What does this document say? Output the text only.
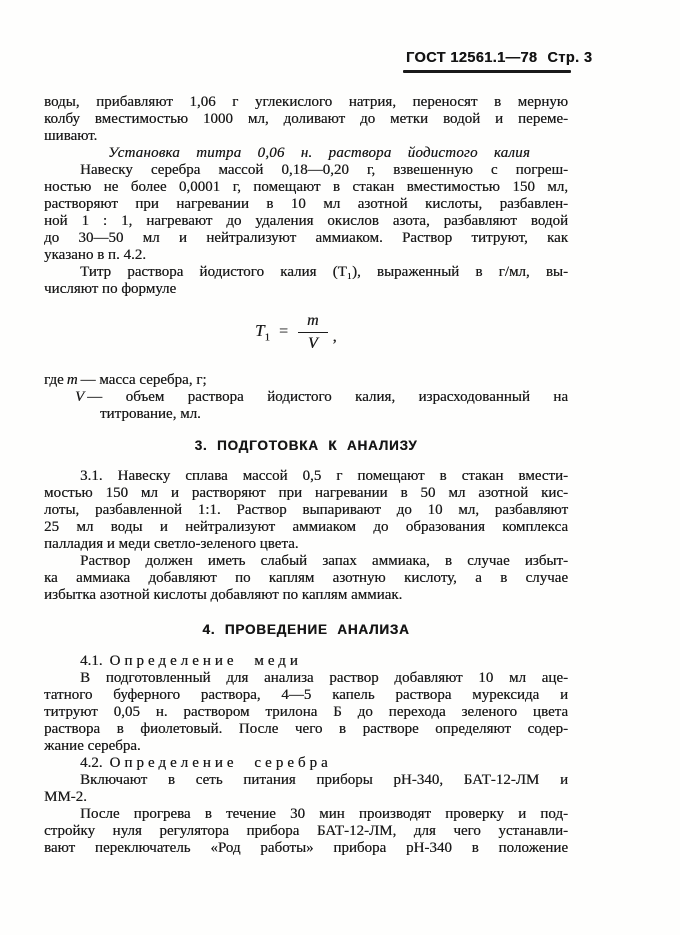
ГОСТ 12561.1—78 Стр. 3
воды, прибавляют 1,06 г углекислого натрия, переносят в мерную
колбу вместимостью 1000 мл, доливают до метки водой и переме-
шивают.
Установка титра 0,06 н. раствора йодистого калия
Навеску серебра массой 0,18—0,20 г, взвешенную с погреш-
ностью не более 0,0001 г, помещают в стакан вместимостью 150 мл,
растворяют при нагревании в 10 мл азотной кислоты, разбавлен-
ной 1 : 1, нагревают до удаления окислов азота, разбавляют водой
до 30—50 мл и нейтрализуют аммиаком. Раствор титруют, как
указано в п. 4.2.
Титр раствора йодистого калия (T₁), выраженный в г/мл, вы-
числяют по формуле
$T_1 = \frac{m}{V}$ ,
где m — масса серебра, г;
V — объем раствора йодистого калия, израсходованный на
титрование, мл.
3. ПОДГОТОВКА К АНАЛИЗУ
3.1. Навеску сплава массой 0,5 г помещают в стакан вмести-
мостью 150 мл и растворяют при нагревании в 50 мл азотной кис-
лоты, разбавленной 1:1. Раствор выпаривают до 10 мл, разбавляют
25 мл воды и нейтрализуют аммиаком до образования комплекса
палладия и меди светло-зеленого цвета.
Раствор должен иметь слабый запах аммиака, в случае избыт-
ка аммиака добавляют по каплям азотную кислоту, а в случае
избытка азотной кислоты добавляют по каплям аммиак.
4. ПРОВЕДЕНИЕ АНАЛИЗА
4.1. Определение меди
В подготовленный для анализа раствор добавляют 10 мл аце-
татного буферного раствора, 4—5 капель раствора мурексида и
титруют 0,05 н. раствором трилона Б до перехода зеленого цвета
раствора в фиолетовый. После чего в растворе определяют содер-
жание серебра.
4.2. Определение серебра
Включают в сеть питания приборы рН-340, БАТ-12-ЛМ и
ММ-2.
После прогрева в течение 30 мин производят проверку и под-
стройку нуля регулятора прибора БАТ-12-ЛМ, для чего устанавли-
вают переключатель «Род работы» прибора рН-340 в положение
